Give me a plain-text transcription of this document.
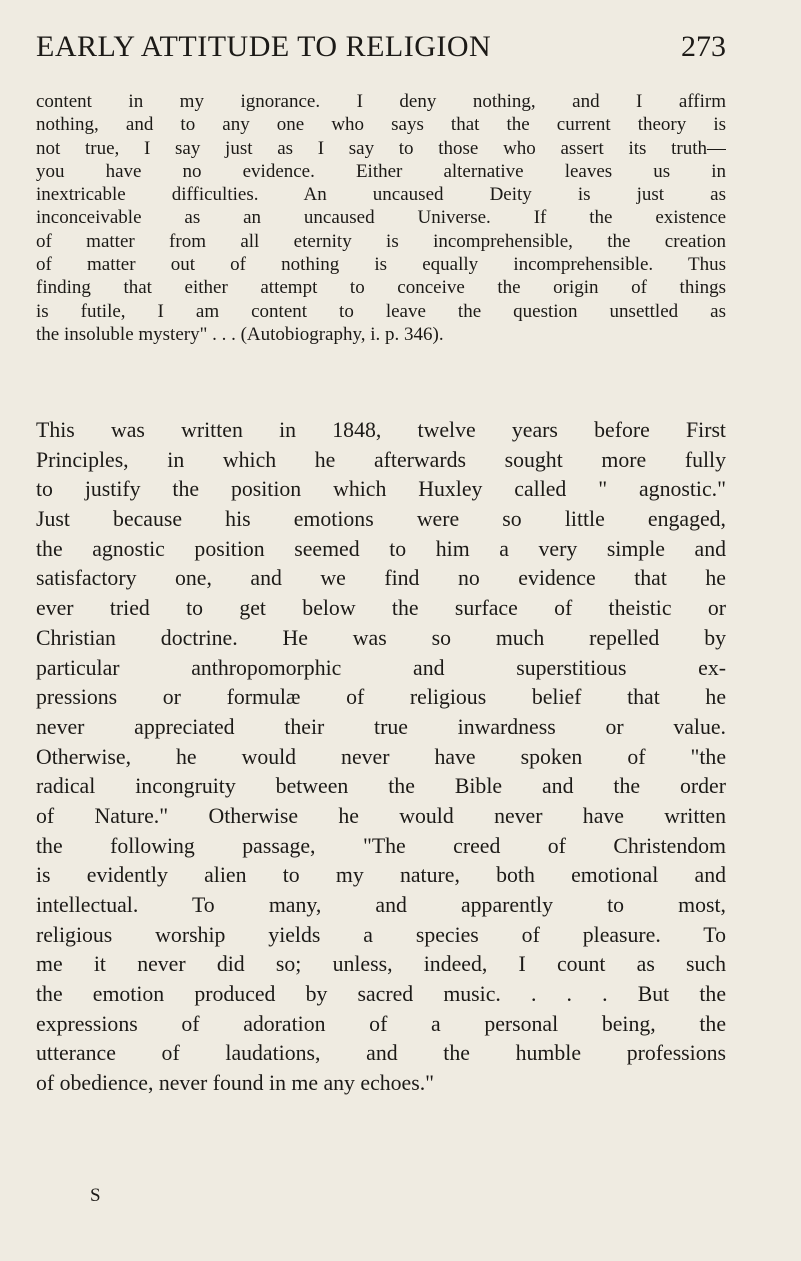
EARLY ATTITUDE TO RELIGION	273
content in my ignorance. I deny nothing, and I affirm
nothing, and to any one who says that the current theory is
not true, I say just as I say to those who assert its truth—
you have no evidence. Either alternative leaves us in
inextricable difficulties. An uncaused Deity is just as
inconceivable as an uncaused Universe. If the existence
of matter from all eternity is incomprehensible, the creation
of matter out of nothing is equally incomprehensible. Thus
finding that either attempt to conceive the origin of things
is futile, I am content to leave the question unsettled as
the insoluble mystery" . . . (Autobiography, i. p. 346).
This was written in 1848, twelve years before First
Principles, in which he afterwards sought more fully
to justify the position which Huxley called " agnostic."
Just because his emotions were so little engaged,
the agnostic position seemed to him a very simple and
satisfactory one, and we find no evidence that he
ever tried to get below the surface of theistic or
Christian doctrine. He was so much repelled by
particular anthropomorphic and superstitious ex-
pressions or formulæ of religious belief that he
never appreciated their true inwardness or value.
Otherwise, he would never have spoken of "the
radical incongruity between the Bible and the order
of Nature." Otherwise he would never have written
the following passage, "The creed of Christendom
is evidently alien to my nature, both emotional and
intellectual. To many, and apparently to most,
religious worship yields a species of pleasure. To
me it never did so; unless, indeed, I count as such
the emotion produced by sacred music. . . . But the
expressions of adoration of a personal being, the
utterance of laudations, and the humble professions
of obedience, never found in me any echoes."
S
